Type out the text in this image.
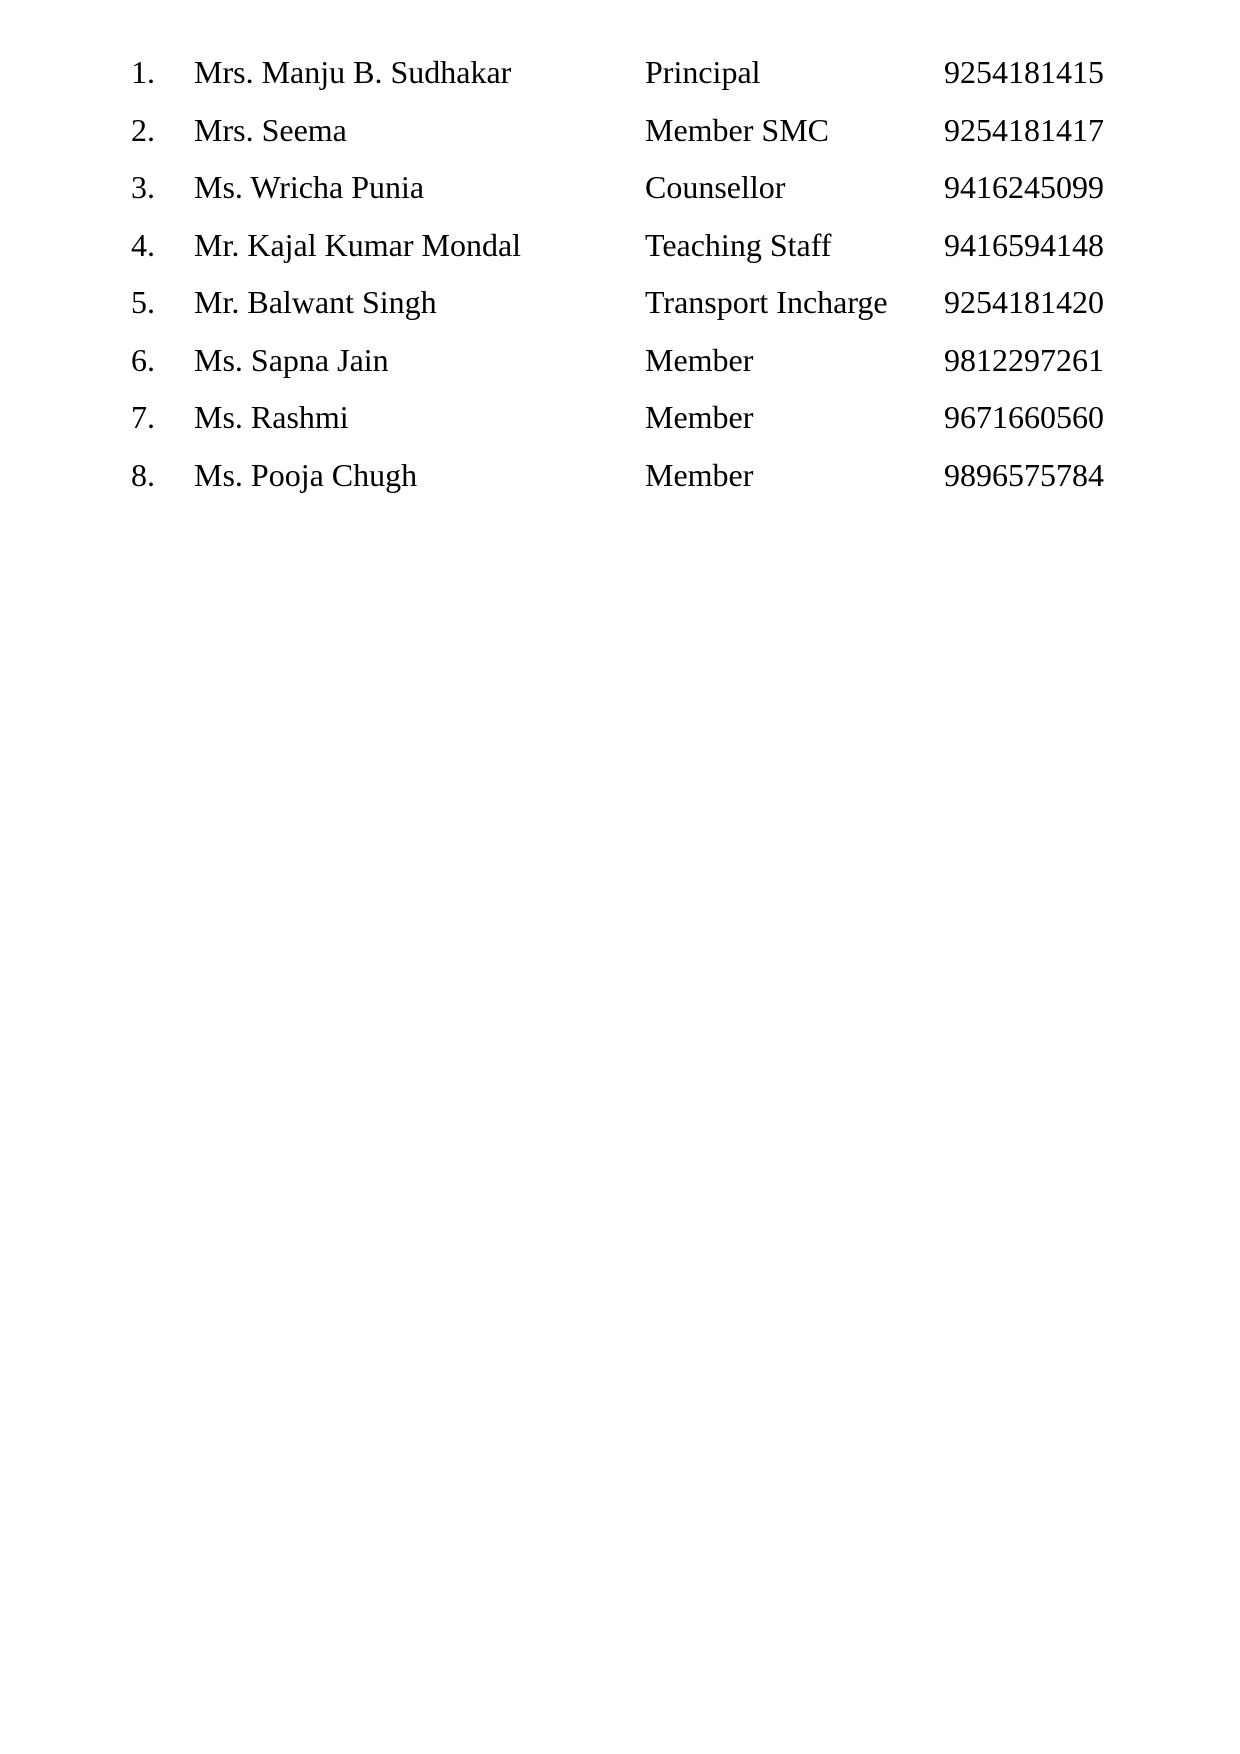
1. Mrs. Manju B. Sudhakar	Principal	9254181415
2. Mrs. Seema	Member SMC	9254181417
3. Ms. Wricha Punia	Counsellor	9416245099
4. Mr. Kajal Kumar Mondal	Teaching Staff	9416594148
5. Mr. Balwant Singh	Transport Incharge 9254181420
6. Ms. Sapna Jain	Member	9812297261
7. Ms. Rashmi	Member	9671660560
8. Ms. Pooja Chugh	Member	9896575784
